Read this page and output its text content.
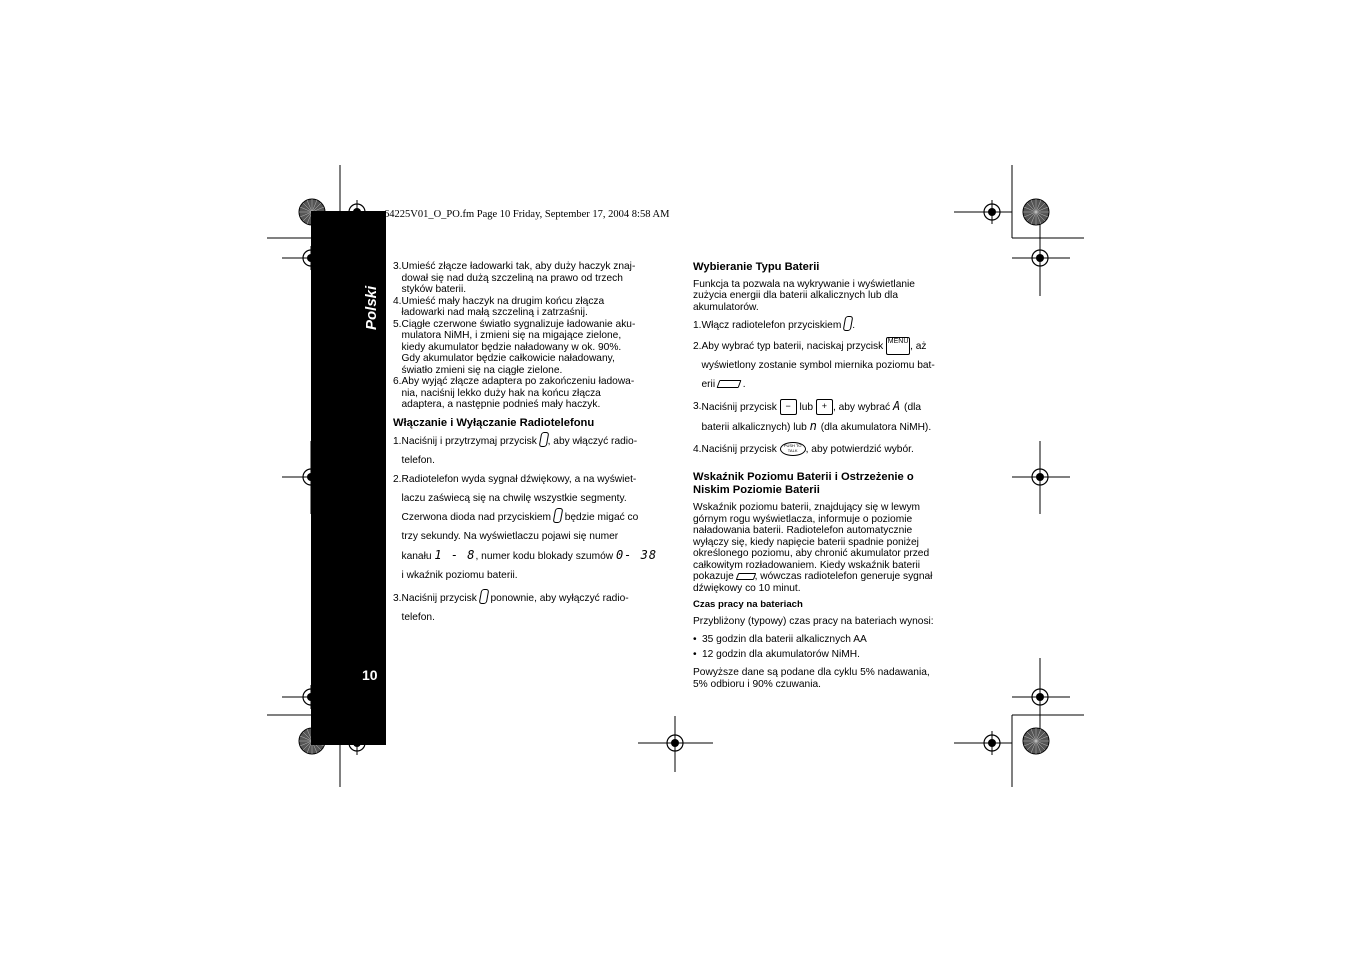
Polski
10
64225V01_O_PO.fm Page 10 Friday, September 17, 2004 8:58 AM
3. Umieść złącze ładowarki tak, aby duży haczyk znaj-
dował się nad dużą szczeliną na prawo od trzech
styków baterii.
4. Umieść mały haczyk na drugim końcu złącza
ładowarki nad małą szczeliną i zatrzaśnij.
5. Ciągłe czerwone światło sygnalizuje ładowanie aku-
mulatora NiMH, i zmieni się na migające zielone,
kiedy akumulator będzie naładowany w ok. 90%.
Gdy akumulator będzie całkowicie naładowany,
światło zmieni się na ciągłe zielone.
6. Aby wyjąć złącze adaptera po zakończeniu ładowa-
nia, naciśnij lekko duży hak na końcu złącza
adaptera, a następnie podnieś mały haczyk.

Włączanie i Wyłączanie Radiotelefonu

1. Naciśnij i przytrzymaj przycisk , aby włączyć radio-
telefon.
2. Radiotelefon wyda sygnał dźwiękowy, a na wyświet-
laczu zaświecą się na chwilę wszystkie segmenty.
Czerwona dioda nad przyciskiem będzie migać co
trzy sekundy. Na wyświetlaczu pojawi się numer
kanału 1 - 8, numer kodu blokady szumów 0- 38
i wkaźnik poziomu baterii.
3. Naciśnij przycisk ponownie, aby wyłączyć radio-
telefon.

Wybieranie Typu Baterii

Funkcja ta pozwala na wykrywanie i wyświetlanie

zużycia energii dla baterii alkalicznych lub dla

akumulatorów.

1. Włącz radiotelefon przyciskiem .
2. Aby wybrać typ baterii, naciskaj przycisk MENU , aż
wyświetlony zostanie symbol miernika poziomu bat-
erii	.
3. Naciśnij przycisk − lub + , aby wybrać A (dla
baterii alkalicznych) lub n (dla akumulatora NiMH).
4. Naciśnij przycisk PUSH TO TALK , aby potwierdzić wybór.

Wskaźnik Poziomu Baterii i Ostrzeżenie o

Niskim Poziomie Baterii

Wskaźnik poziomu baterii, znajdujący się w lewym

górnym rogu wyświetlacza, informuje o poziomie

naładowania baterii. Radiotelefon automatycznie

wyłączy się, kiedy napięcie baterii spadnie poniżej

określonego poziomu, aby chronić akumulator przed

całkowitym rozładowaniem. Kiedy wskaźnik baterii

pokazuje , wówczas radiotelefon generuje sygnał

dźwiękowy co 10 minut.

Czas pracy na bateriach

Przybliżony (typowy) czas pracy na bateriach wynosi:

• 35 godzin dla baterii alkalicznych AA
• 12 godzin dla akumulatorów NiMH.

Powyższe dane są podane dla cyklu 5% nadawania,

5% odbioru i 90% czuwania.
